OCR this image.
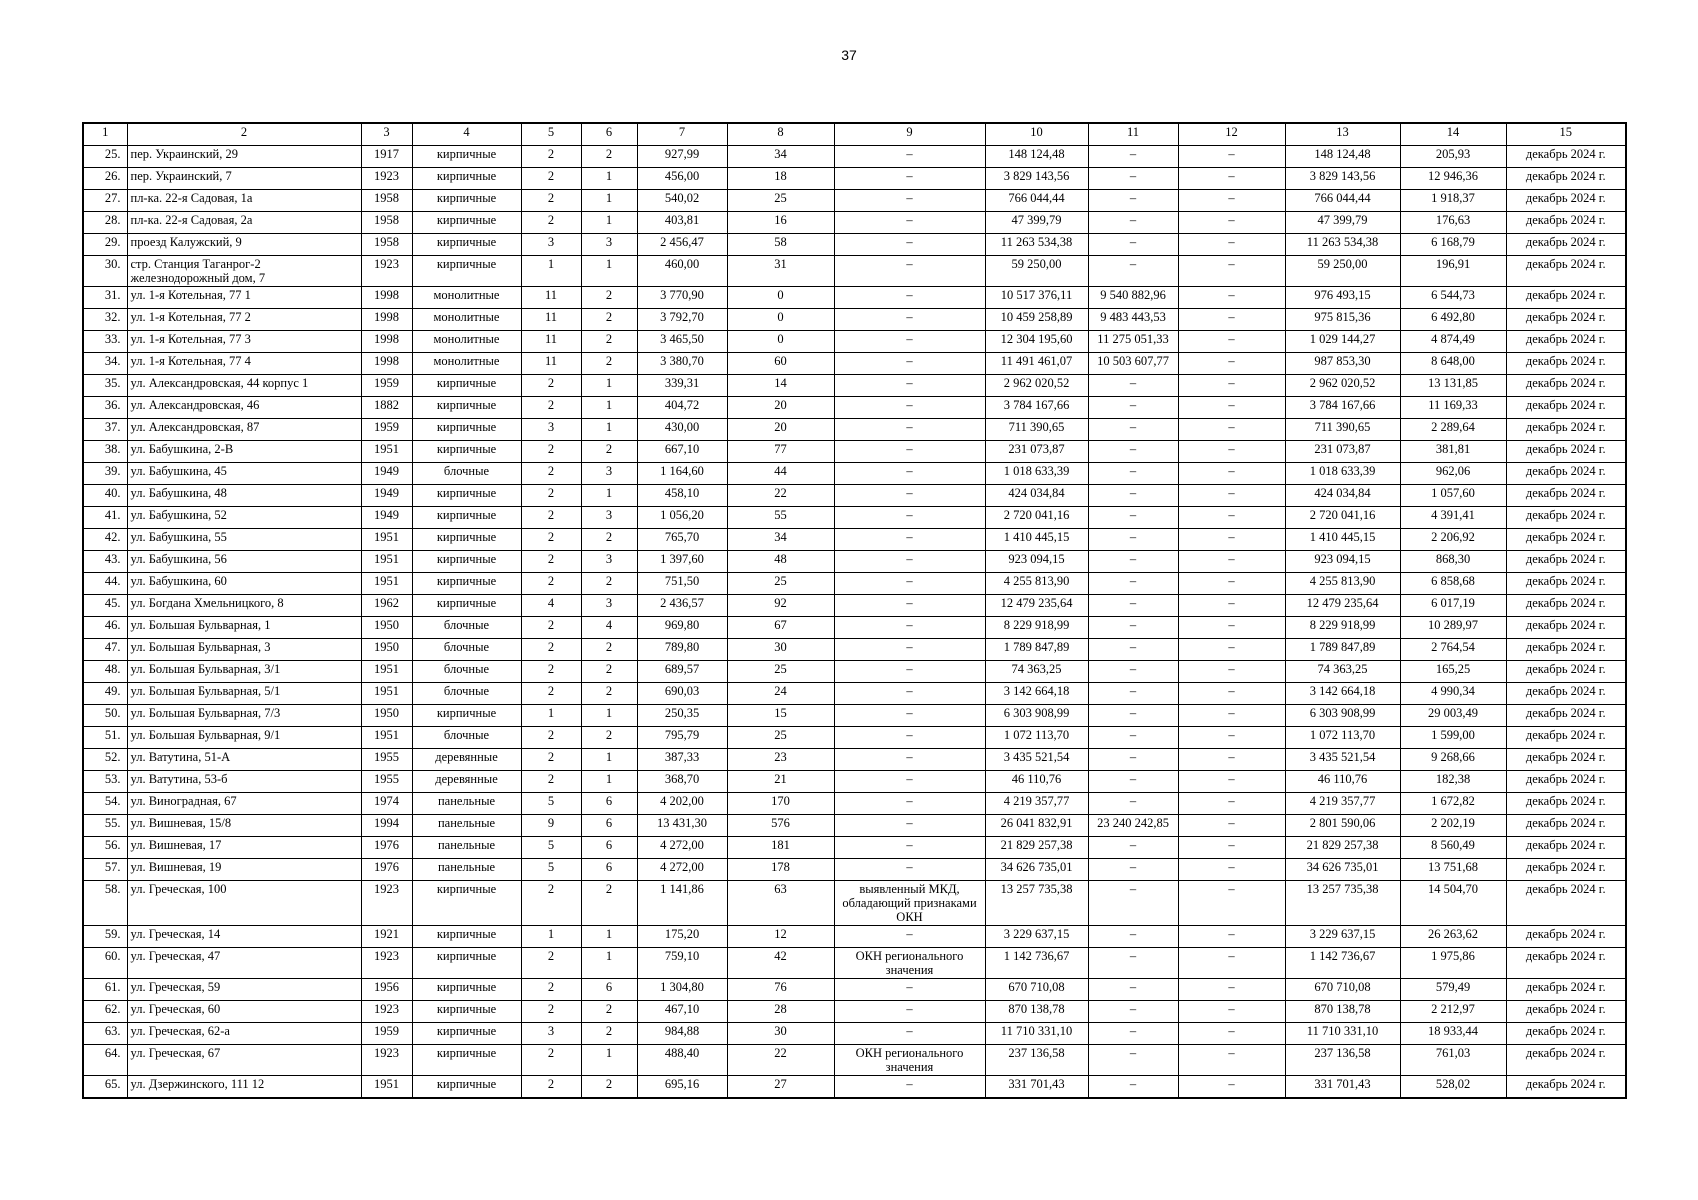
37
1	2	3	4	5	6	7	8	9	10	11	12	13	14	15
25.	пер. Украинский, 29	1917	кирпичные	2	2	927,99	34	–	148 124,48	–	–	148 124,48	205,93	декабрь 2024 г.
26.	пер. Украинский, 7	1923	кирпичные	2	1	456,00	18	–	3 829 143,56	–	–	3 829 143,56	12 946,36	декабрь 2024 г.
27.	пл-ка. 22-я Садовая, 1а	1958	кирпичные	2	1	540,02	25	–	766 044,44	–	–	766 044,44	1 918,37	декабрь 2024 г.
28.	пл-ка. 22-я Садовая, 2а	1958	кирпичные	2	1	403,81	16	–	47 399,79	–	–	47 399,79	176,63	декабрь 2024 г.
29.	проезд Калужский, 9	1958	кирпичные	3	3	2 456,47	58	–	11 263 534,38	–	–	11 263 534,38	6 168,79	декабрь 2024 г.
30.	стр. Станция Таганрог-2 железнодорожный дом, 7	1923	кирпичные	1	1	460,00	31	–	59 250,00	–	–	59 250,00	196,91	декабрь 2024 г.
31.	ул. 1-я Котельная, 77 1	1998	монолитные	11	2	3 770,90	0	–	10 517 376,11	9 540 882,96	–	976 493,15	6 544,73	декабрь 2024 г.
32.	ул. 1-я Котельная, 77 2	1998	монолитные	11	2	3 792,70	0	–	10 459 258,89	9 483 443,53	–	975 815,36	6 492,80	декабрь 2024 г.
33.	ул. 1-я Котельная, 77 3	1998	монолитные	11	2	3 465,50	0	–	12 304 195,60	11 275 051,33	–	1 029 144,27	4 874,49	декабрь 2024 г.
34.	ул. 1-я Котельная, 77 4	1998	монолитные	11	2	3 380,70	60	–	11 491 461,07	10 503 607,77	–	987 853,30	8 648,00	декабрь 2024 г.
35.	ул. Александровская, 44 корпус 1	1959	кирпичные	2	1	339,31	14	–	2 962 020,52	–	–	2 962 020,52	13 131,85	декабрь 2024 г.
36.	ул. Александровская, 46	1882	кирпичные	2	1	404,72	20	–	3 784 167,66	–	–	3 784 167,66	11 169,33	декабрь 2024 г.
37.	ул. Александровская, 87	1959	кирпичные	3	1	430,00	20	–	711 390,65	–	–	711 390,65	2 289,64	декабрь 2024 г.
38.	ул. Бабушкина, 2-В	1951	кирпичные	2	2	667,10	77	–	231 073,87	–	–	231 073,87	381,81	декабрь 2024 г.
39.	ул. Бабушкина, 45	1949	блочные	2	3	1 164,60	44	–	1 018 633,39	–	–	1 018 633,39	962,06	декабрь 2024 г.
40.	ул. Бабушкина, 48	1949	кирпичные	2	1	458,10	22	–	424 034,84	–	–	424 034,84	1 057,60	декабрь 2024 г.
41.	ул. Бабушкина, 52	1949	кирпичные	2	3	1 056,20	55	–	2 720 041,16	–	–	2 720 041,16	4 391,41	декабрь 2024 г.
42.	ул. Бабушкина, 55	1951	кирпичные	2	2	765,70	34	–	1 410 445,15	–	–	1 410 445,15	2 206,92	декабрь 2024 г.
43.	ул. Бабушкина, 56	1951	кирпичные	2	3	1 397,60	48	–	923 094,15	–	–	923 094,15	868,30	декабрь 2024 г.
44.	ул. Бабушкина, 60	1951	кирпичные	2	2	751,50	25	–	4 255 813,90	–	–	4 255 813,90	6 858,68	декабрь 2024 г.
45.	ул. Богдана Хмельницкого, 8	1962	кирпичные	4	3	2 436,57	92	–	12 479 235,64	–	–	12 479 235,64	6 017,19	декабрь 2024 г.
46.	ул. Большая Бульварная, 1	1950	блочные	2	4	969,80	67	–	8 229 918,99	–	–	8 229 918,99	10 289,97	декабрь 2024 г.
47.	ул. Большая Бульварная, 3	1950	блочные	2	2	789,80	30	–	1 789 847,89	–	–	1 789 847,89	2 764,54	декабрь 2024 г.
48.	ул. Большая Бульварная, 3/1	1951	блочные	2	2	689,57	25	–	74 363,25	–	–	74 363,25	165,25	декабрь 2024 г.
49.	ул. Большая Бульварная, 5/1	1951	блочные	2	2	690,03	24	–	3 142 664,18	–	–	3 142 664,18	4 990,34	декабрь 2024 г.
50.	ул. Большая Бульварная, 7/3	1950	кирпичные	1	1	250,35	15	–	6 303 908,99	–	–	6 303 908,99	29 003,49	декабрь 2024 г.
51.	ул. Большая Бульварная, 9/1	1951	блочные	2	2	795,79	25	–	1 072 113,70	–	–	1 072 113,70	1 599,00	декабрь 2024 г.
52.	ул. Ватутина, 51-А	1955	деревянные	2	1	387,33	23	–	3 435 521,54	–	–	3 435 521,54	9 268,66	декабрь 2024 г.
53.	ул. Ватутина, 53-б	1955	деревянные	2	1	368,70	21	–	46 110,76	–	–	46 110,76	182,38	декабрь 2024 г.
54.	ул. Виноградная, 67	1974	панельные	5	6	4 202,00	170	–	4 219 357,77	–	–	4 219 357,77	1 672,82	декабрь 2024 г.
55.	ул. Вишневая, 15/8	1994	панельные	9	6	13 431,30	576	–	26 041 832,91	23 240 242,85	–	2 801 590,06	2 202,19	декабрь 2024 г.
56.	ул. Вишневая, 17	1976	панельные	5	6	4 272,00	181	–	21 829 257,38	–	–	21 829 257,38	8 560,49	декабрь 2024 г.
57.	ул. Вишневая, 19	1976	панельные	5	6	4 272,00	178	–	34 626 735,01	–	–	34 626 735,01	13 751,68	декабрь 2024 г.
58.	ул. Греческая, 100	1923	кирпичные	2	2	1 141,86	63	выявленный МКД, обладающий признаками ОКН	13 257 735,38	–	–	13 257 735,38	14 504,70	декабрь 2024 г.
59.	ул. Греческая, 14	1921	кирпичные	1	1	175,20	12	–	3 229 637,15	–	–	3 229 637,15	26 263,62	декабрь 2024 г.
60.	ул. Греческая, 47	1923	кирпичные	2	1	759,10	42	ОКН регионального значения	1 142 736,67	–	–	1 142 736,67	1 975,86	декабрь 2024 г.
61.	ул. Греческая, 59	1956	кирпичные	2	6	1 304,80	76	–	670 710,08	–	–	670 710,08	579,49	декабрь 2024 г.
62.	ул. Греческая, 60	1923	кирпичные	2	2	467,10	28	–	870 138,78	–	–	870 138,78	2 212,97	декабрь 2024 г.
63.	ул. Греческая, 62-а	1959	кирпичные	3	2	984,88	30	–	11 710 331,10	–	–	11 710 331,10	18 933,44	декабрь 2024 г.
64.	ул. Греческая, 67	1923	кирпичные	2	1	488,40	22	ОКН регионального значения	237 136,58	–	–	237 136,58	761,03	декабрь 2024 г.
65.	ул. Дзержинского, 111 12	1951	кирпичные	2	2	695,16	27	–	331 701,43	–	–	331 701,43	528,02	декабрь 2024 г.
